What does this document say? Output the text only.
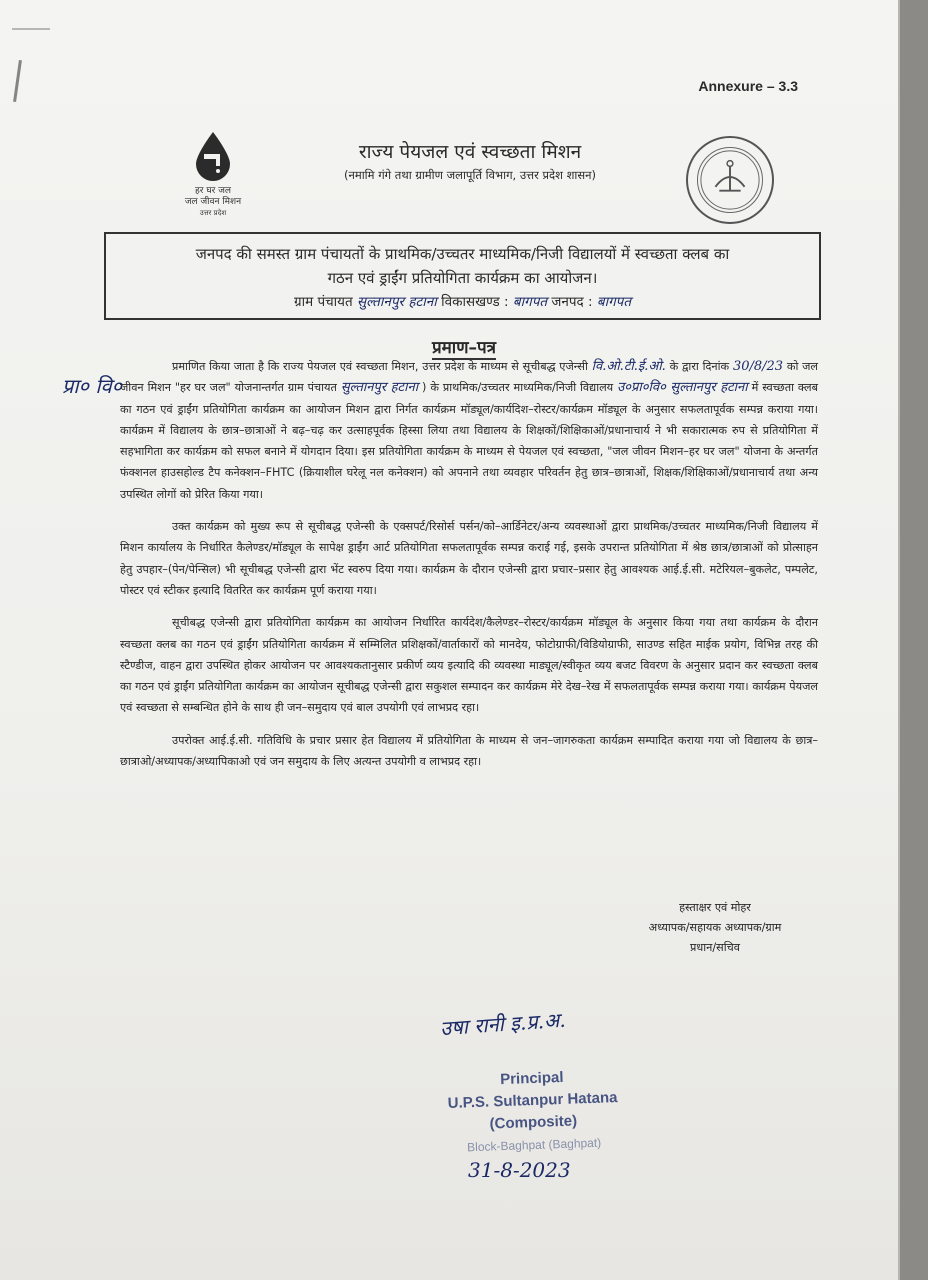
Annexure – 3.3
हर घर जल
जल जीवन मिशन
उत्तर प्रदेश
राज्य पेयजल एवं स्वच्छता मिशन
(नमामि गंगे तथा ग्रामीण जलापूर्ति विभाग, उत्तर प्रदेश शासन)
जनपद की समस्त ग्राम पंचायतों के प्राथमिक/उच्चतर माध्यमिक/निजी विद्यालयों में स्वच्छता क्लब का
गठन एवं ड्राईंग प्रतियोगिता कार्यक्रम का आयोजन।
ग्राम पंचायत सुल्तानपुर हटाना विकासखण्ड : बागपत जनपद : बागपत
प्रमाण–पत्र
प्रा० वि०

प्रमाणित किया जाता है कि राज्य पेयजल एवं स्वच्छता मिशन, उत्तर प्रदेश के माध्यम से सूचीबद्ध एजेन्सी वि.ओ.टी.ई.ओ. के द्वारा दिनांक 30/8/23 को जल जीवन मिशन "हर घर जल" योजनान्तर्गत ग्राम पंचायत सुल्तानपुर हटाना ) के प्राथमिक/उच्चतर माध्यमिक/निजी विद्यालय उ०प्रा०वि० सुल्तानपुर हटाना में स्वच्छता क्लब का गठन एवं ड्राईंग प्रतियोगिता कार्यक्रम का आयोजन मिशन द्वारा निर्गत कार्यक्रम मॉड्यूल/कार्यदिश–रोस्टर/कार्यक्रम मॉड्यूल के अनुसार सफलतापूर्वक सम्पन्न कराया गया। कार्यक्रम में विद्यालय के छात्र–छात्राओं ने बढ़–चढ़ कर उत्साहपूर्वक हिस्सा लिया तथा विद्यालय के शिक्षकों/शिक्षिकाओं/प्रधानाचार्य ने भी सकारात्मक रुप से प्रतियोगिता में सहभागिता कर कार्यक्रम को सफल बनाने में योगदान दिया। इस प्रतियोगिता कार्यक्रम के माध्यम से पेयजल एवं स्वच्छता, "जल जीवन मिशन–हर घर जल" योजना के अन्तर्गत फंक्शनल हाउसहोल्ड टैप कनेक्शन–FHTC (क्रियाशील घरेलू नल कनेक्शन) को अपनाने तथा व्यवहार परिवर्तन हेतु छात्र–छात्राओं, शिक्षक/शिक्षिकाओं/प्रधानाचार्य तथा अन्य उपस्थित लोगों को प्रेरित किया गया।

उक्त कार्यक्रम को मुख्य रूप से सूचीबद्ध एजेन्सी के एक्सपर्ट/रिसोर्स पर्सन/को–आर्डिनेटर/अन्य व्यवस्थाओं द्वारा प्राथमिक/उच्चतर माध्यमिक/निजी विद्यालय में मिशन कार्यालय के निर्धारित कैलेण्डर/मॉड्यूल के सापेक्ष ड्राईंग आर्ट प्रतियोगिता सफलतापूर्वक सम्पन्न कराई गई, इसके उपरान्त प्रतियोगिता में श्रेष्ठ छात्र/छात्राओं को प्रोत्साहन हेतु उपहार–(पेन/पेन्सिल) भी सूचीबद्ध एजेन्सी द्वारा भेंट स्वरुप दिया गया। कार्यक्रम के दौरान एजेन्सी द्वारा प्रचार–प्रसार हेतु आवश्यक आई.ई.सी. मटेरियल–बुकलेट, पम्पलेट, पोस्टर एवं स्टीकर इत्यादि वितरित कर कार्यक्रम पूर्ण कराया गया।

सूचीबद्ध एजेन्सी द्वारा प्रतियोगिता कार्यक्रम का आयोजन निर्धारित कार्यदेश/कैलेण्डर–रोस्टर/कार्यक्रम मॉड्यूल के अनुसार किया गया तथा कार्यक्रम के दौरान स्वच्छता क्लब का गठन एवं ड्राईंग प्रतियोगिता कार्यक्रम में सम्मिलित प्रशिक्षकों/वार्ताकारों को मानदेय, फोटोग्राफी/विडियोग्राफी, साउण्ड सहित माईक प्रयोग, विभिन्न तरह की स्टैण्डीज, वाहन द्वारा उपस्थित होकर आयोजन पर आवश्यकतानुसार प्रकीर्ण व्यय इत्यादि की व्यवस्था माड्यूल/स्वीकृत व्यय बजट विवरण के अनुसार प्रदान कर स्वच्छता क्लब का गठन एवं ड्राईंग प्रतियोगिता कार्यक्रम का आयोजन सूचीबद्ध एजेन्सी द्वारा सकुशल सम्पादन कर कार्यक्रम मेरे देख–रेख में सफलतापूर्वक सम्पन्न कराया गया। कार्यक्रम पेयजल एवं स्वच्छता से सम्बन्धित होने के साथ ही जन–समुदाय एवं बाल उपयोगी एवं लाभप्रद रहा।

उपरोक्त आई.ई.सी. गतिविधि के प्रचार प्रसार हेत विद्यालय में प्रतियोगिता के माध्यम से जन–जागरुकता कार्यक्रम सम्पादित कराया गया जो विद्यालय के छात्र–छात्राओ/अध्यापक/अध्यापिकाओ एवं जन समुदाय के लिए अत्यन्त उपयोगी व लाभप्रद रहा।

हस्ताक्षर एवं मोहर
अध्यापक/सहायक अध्यापक/ग्राम
प्रधान/सचिव
उषा रानी इ.प्र.अ.
Principal
U.P.S. Sultanpur Hatana
(Composite)
Block-Baghpat (Baghpat)
31-8-2023
